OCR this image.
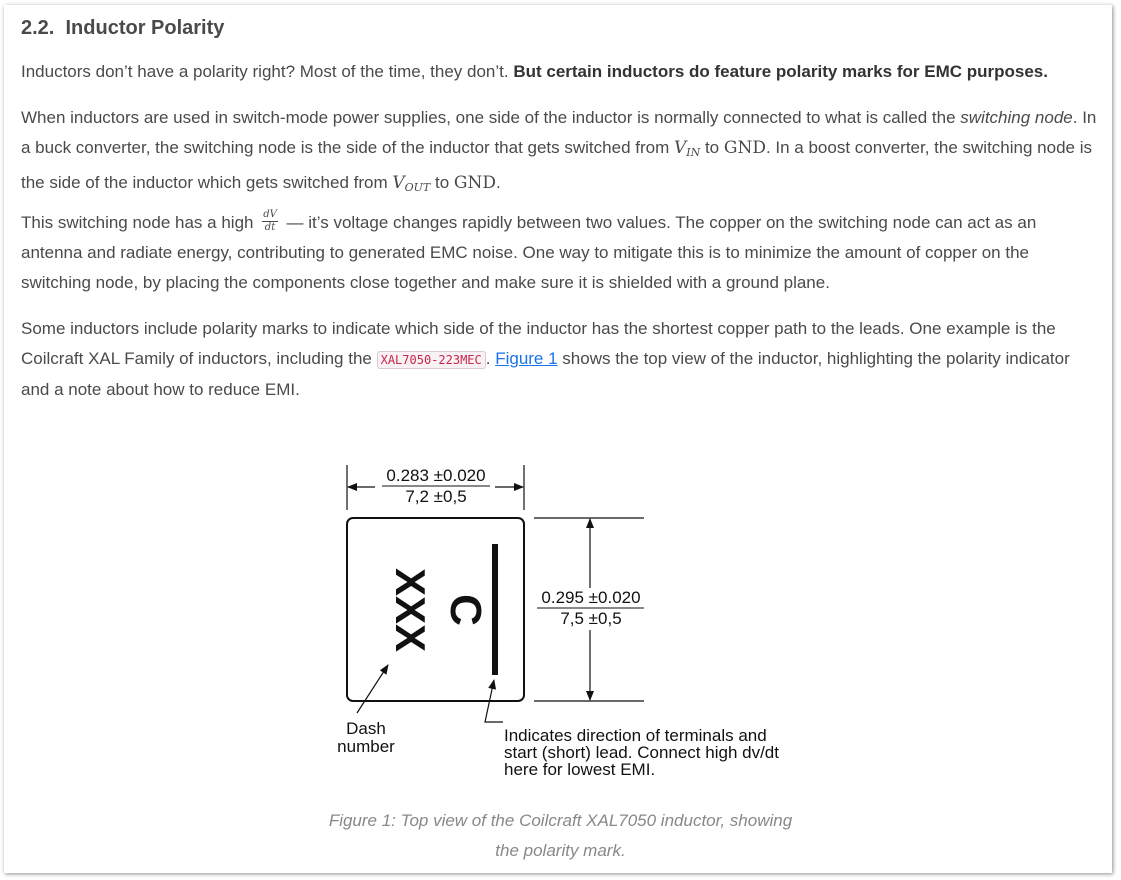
2.2. Inductor Polarity

Inductors don’t have a polarity right? Most of the time, they don’t. But certain inductors do feature polarity marks for EMC purposes.

When inductors are used in switch-mode power supplies, one side of the inductor is normally connected to what is called the switching node. In a buck converter, the switching node is the side of the inductor that gets switched from $V_{IN}$ to GND. In a boost converter, the switching node is the side of the inductor which gets switched from $V_{OUT}$ to GND.

This switching node has a high $\frac{dV}{dt}$ — it’s voltage changes rapidly between two values. The copper on the switching node can act as an antenna and radiate energy, contributing to generated EMC noise. One way to mitigate this is to minimize the amount of copper on the switching node, by placing the components close together and make sure it is shielded with a ground plane.

Some inductors include polarity marks to indicate which side of the inductor has the shortest copper path to the leads. One example is the Coilcraft XAL Family of inductors, including the XAL7050-223MEC . Figure 1 shows the top view of the inductor, highlighting the polarity indicator and a note about how to reduce EMI.

0.283 ±0.020
7,2 ±0,5
XXX C	0.295 ±0.020
7,5 ±0,5
Dash
number
Indicates direction of terminals and
start (short) lead. Connect high dv/dt
here for lowest EMI.
Figure 1: Top view of the Coilcraft XAL7050 inductor, showing
the polarity mark.
